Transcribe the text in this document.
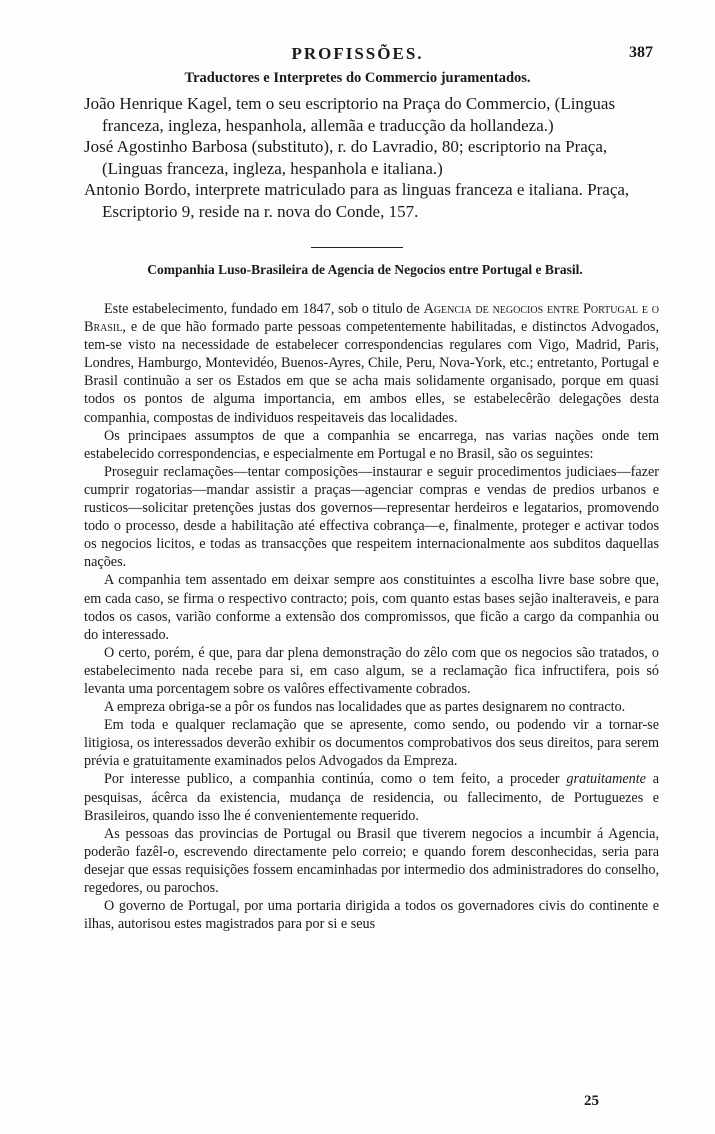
PROFISSÕES.	387
Traductores e Interpretes do Commercio juramentados.

João Henrique Kagel, tem o seu escriptorio na Praça do Commercio, (Linguas franceza, ingleza, hespanhola, allemãa e traducção da hollandeza.)

José Agostinho Barbosa (substituto), r. do Lavradio, 80; escriptorio na Praça, (Linguas franceza, ingleza, hespanhola e italiana.)

Antonio Bordo, interprete matriculado para as linguas franceza e italiana. Praça, Escriptorio 9, reside na r. nova do Conde, 157.

Companhia Luso-Brasileira de Agencia de Negocios entre Portugal e Brasil.

Este estabelecimento, fundado em 1847, sob o titulo de Agencia de negocios entre Portugal e o Brasil, e de que hão formado parte pessoas competentemente habilitadas, e distinctos Advogados, tem-se visto na necessidade de estabelecer correspondencias regulares com Vigo, Madrid, Paris, Londres, Hamburgo, Montevidéo, Buenos-Ayres, Chile, Peru, Nova-York, etc.; entretanto, Portugal e Brasil continuão a ser os Estados em que se acha mais solidamente organisado, porque em quasi todos os pontos de alguma importancia, em ambos elles, se estabelecêrão delegações desta companhia, compostas de individuos respeitaveis das localidades.

Os principaes assumptos de que a companhia se encarrega, nas varias nações onde tem estabelecido correspondencias, e especialmente em Portugal e no Brasil, são os seguintes:

Proseguir reclamações—tentar composições—instaurar e seguir procedimentos judiciaes—fazer cumprir rogatorias—mandar assistir a praças—agenciar compras e vendas de predios urbanos e rusticos—solicitar pretenções justas dos governos—representar herdeiros e legatarios, promovendo todo o processo, desde a habilitação até effectiva cobrança—e, finalmente, proteger e activar todos os negocios licitos, e todas as transacções que respeitem internacionalmente aos subditos daquellas nações.

A companhia tem assentado em deixar sempre aos constituintes a escolha livre base sobre que, em cada caso, se firma o respectivo contracto; pois, com quanto estas bases sejão inalteraveis, e para todos os casos, varião conforme a extensão dos compromissos, que ficão a cargo da companhia ou do interessado.

O certo, porém, é que, para dar plena demonstração do zêlo com que os negocios são tratados, o estabelecimento nada recebe para si, em caso algum, se a reclamação fica infructifera, pois só levanta uma porcentagem sobre os valôres effectivamente cobrados.

A empreza obriga-se a pôr os fundos nas localidades que as partes designarem no contracto.

Em toda e qualquer reclamação que se apresente, como sendo, ou podendo vir a tornar-se litigiosa, os interessados deverão exhibir os documentos comprobativos dos seus direitos, para serem prévia e gratuitamente examinados pelos Advogados da Empreza.

Por interesse publico, a companhia continúa, como o tem feito, a proceder gratuitamente a pesquisas, ácêrca da existencia, mudança de residencia, ou fallecimento, de Portuguezes e Brasileiros, quando isso lhe é convenientemente requerido.

As pessoas das provincias de Portugal ou Brasil que tiverem negocios a incumbir á Agencia, poderão fazêl-o, escrevendo directamente pelo correio; e quando forem desconhecidas, seria para desejar que essas requisições fossem encaminhadas por intermedio dos administradores do conselho, regedores, ou parochos.

O governo de Portugal, por uma portaria dirigida a todos os governadores civis do continente e ilhas, autorisou estes magistrados para por si e seus

25
